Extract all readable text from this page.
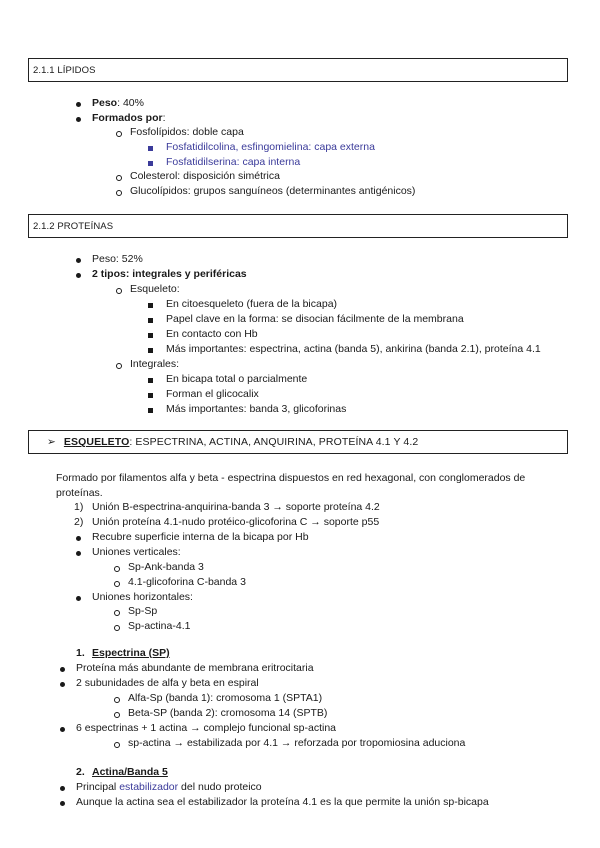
2.1.1 LÍPIDOS
Peso: 40%
Formados por:
Fosfolípidos: doble capa
Fosfatidilcolina, esfingomielina: capa externa
Fosfatidilserina: capa interna
Colesterol: disposición simétrica
Glucolípidos: grupos sanguíneos (determinantes antigénicos)
2.1.2 PROTEÍNAS
Peso: 52%
2 tipos: integrales y periféricas
Esqueleto:
En citoesqueleto (fuera de la bicapa)
Papel clave en la forma: se disocian fácilmente de la membrana
En contacto con Hb
Más importantes: espectrina, actina (banda 5), ankirina (banda 2.1), proteína 4.1
Integrales:
En bicapa total o parcialmente
Forman el glicocalix
Más importantes: banda 3, glicoforinas
➢ ESQUELETO : ESPECTRINA, ACTINA, ANQUIRINA, PROTEÍNA 4.1 Y 4.2
Formado por filamentos alfa y beta - espectrina dispuestos en red hexagonal, con conglomerados de
proteínas.
1) Unión B-espectrina-anquirina-banda 3 → soporte proteína 4.2
2) Unión proteína 4.1-nudo protéico-glicoforina C → soporte p55
Recubre superficie interna de la bicapa por Hb
Uniones verticales:
Sp-Ank-banda 3
4.1-glicoforina C-banda 3
Uniones horizontales:
Sp-Sp
Sp-actina-4.1
1. Espectrina (SP)
Proteína más abundante de membrana eritrocitaria
2 subunidades de alfa y beta en espiral
Alfa-Sp (banda 1): cromosoma 1 (SPTA1)
Beta-SP (banda 2): cromosoma 14 (SPTB)
6 espectrinas + 1 actina → complejo funcional sp-actina
sp-actina → estabilizada por 4.1 → reforzada por tropomiosina aduciona
2. Actina/Banda 5
Principal estabilizador del nudo proteico
Aunque la actina sea el estabilizador la proteína 4.1 es la que permite la unión sp-bicapa
